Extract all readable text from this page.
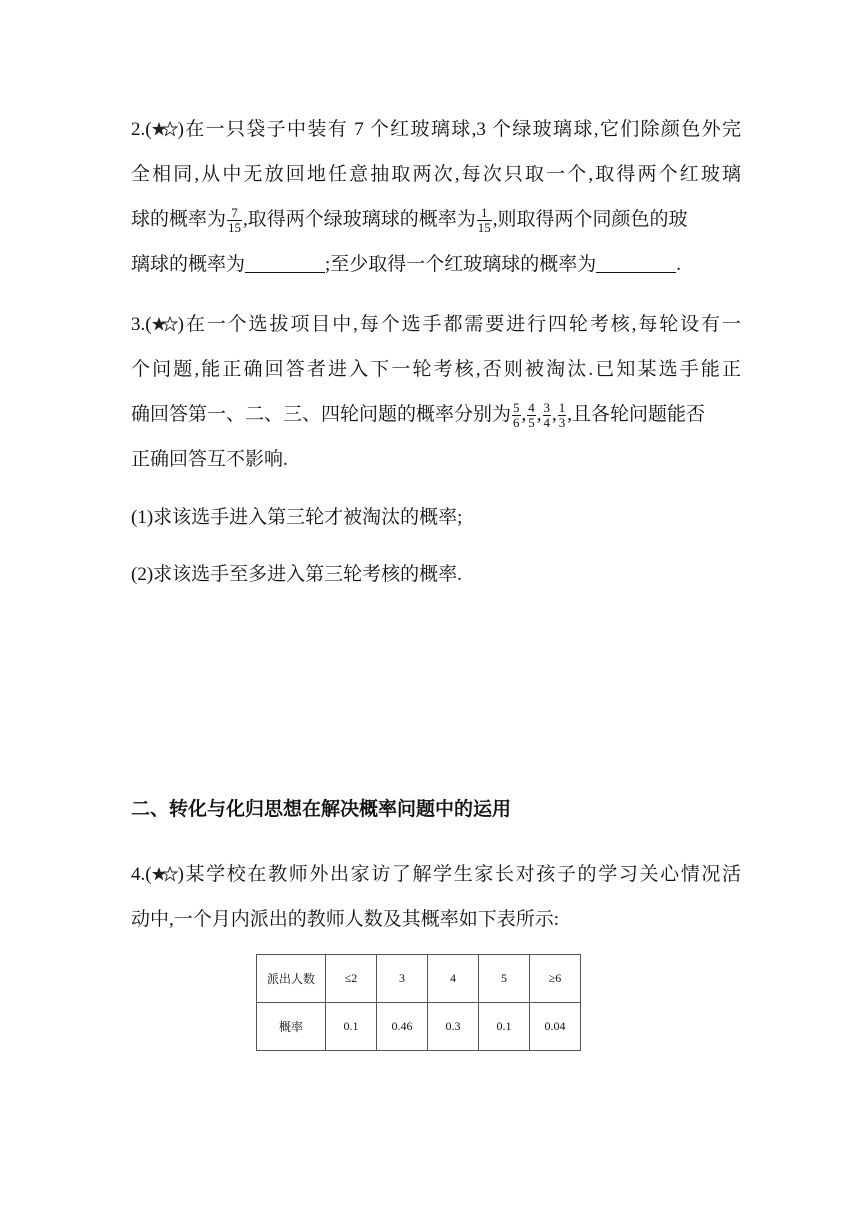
2.( )在一只袋子中装有 7 个红玻璃球,3 个绿玻璃球,它们除颜色外完
全相同,从中无放回地任意抽取两次,每次只取一个,取得两个红玻璃
球的概率为 $\frac{7}{15}$ ,取得两个绿玻璃球的概率为 $\frac{1}{15}$ ,则取得两个同颜色的玻
璃球的概率为	;至少取得一个红玻璃球的概率为	.
3.( )在一个选拔项目中,每个选手都需要进行四轮考核,每轮设有一
个问题,能正确回答者进入下一轮考核,否则被淘汰.已知某选手能正
确回答第一、二、三、四轮问题的概率分别为 $\frac{5}{6}$ , $\frac{4}{5}$ , $\frac{3}{4}$ , $\frac{1}{3}$ ,且各轮问题能否
正确回答互不影响.
(1)求该选手进入第三轮才被淘汰的概率;
(2)求该选手至多进入第三轮考核的概率.
二、转化与化归思想在解决概率问题中的运用
4.( )某学校在教师外出家访了解学生家长对孩子的学习关心情况活
动中,一个月内派出的教师人数及其概率如下表所示:
派出人数	≤2	3	4	5	≥6
概率	0.1	0.46	0.3	0.1	0.04
